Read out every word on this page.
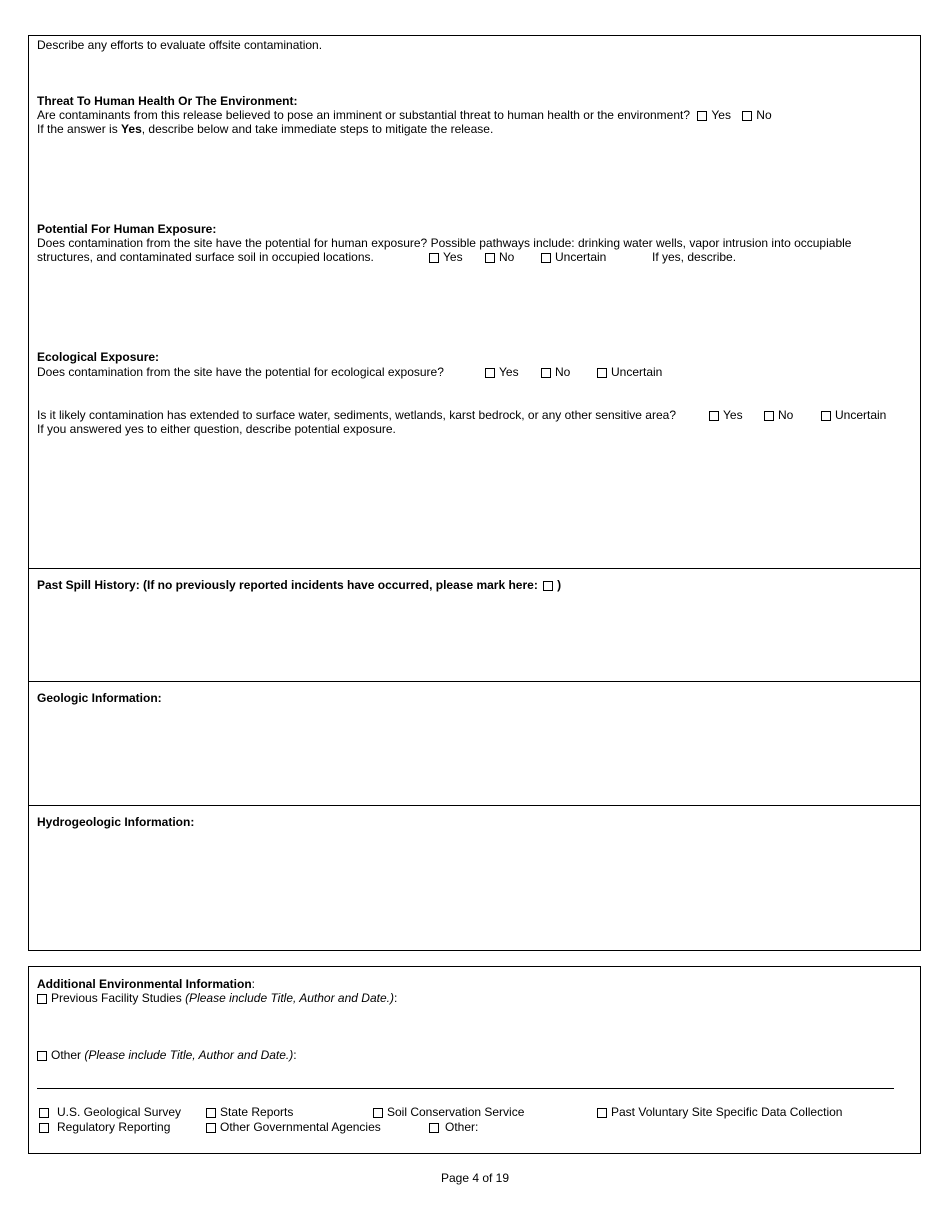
Describe any efforts to evaluate offsite contamination.
Threat To Human Health Or The Environment:
Are contaminants from this release believed to pose an imminent or substantial threat to human health or the environment? Yes No
If the answer is Yes, describe below and take immediate steps to mitigate the release.
Potential For Human Exposure:
Does contamination from the site have the potential for human exposure? Possible pathways include: drinking water wells, vapor intrusion into occupiable
structures, and contaminated surface soil in occupied locations.	Yes	No	Uncertain	If yes, describe.
Ecological Exposure:
Does contamination from the site have the potential for ecological exposure?	Yes	No	Uncertain
Is it likely contamination has extended to surface water, sediments, wetlands, karst bedrock, or any other sensitive area?	Yes	No	Uncertain
If you answered yes to either question, describe potential exposure.
Past Spill History: (If no previously reported incidents have occurred, please mark here: )
Geologic Information:
Hydrogeologic Information:
Additional Environmental Information:
Previous Facility Studies (Please include Title, Author and Date.):
Other (Please include Title, Author and Date.):
U.S. Geological Survey	State Reports	Soil Conservation Service	Past Voluntary Site Specific Data Collection
Regulatory Reporting	Other Governmental Agencies	Other:
Page 4 of 19
